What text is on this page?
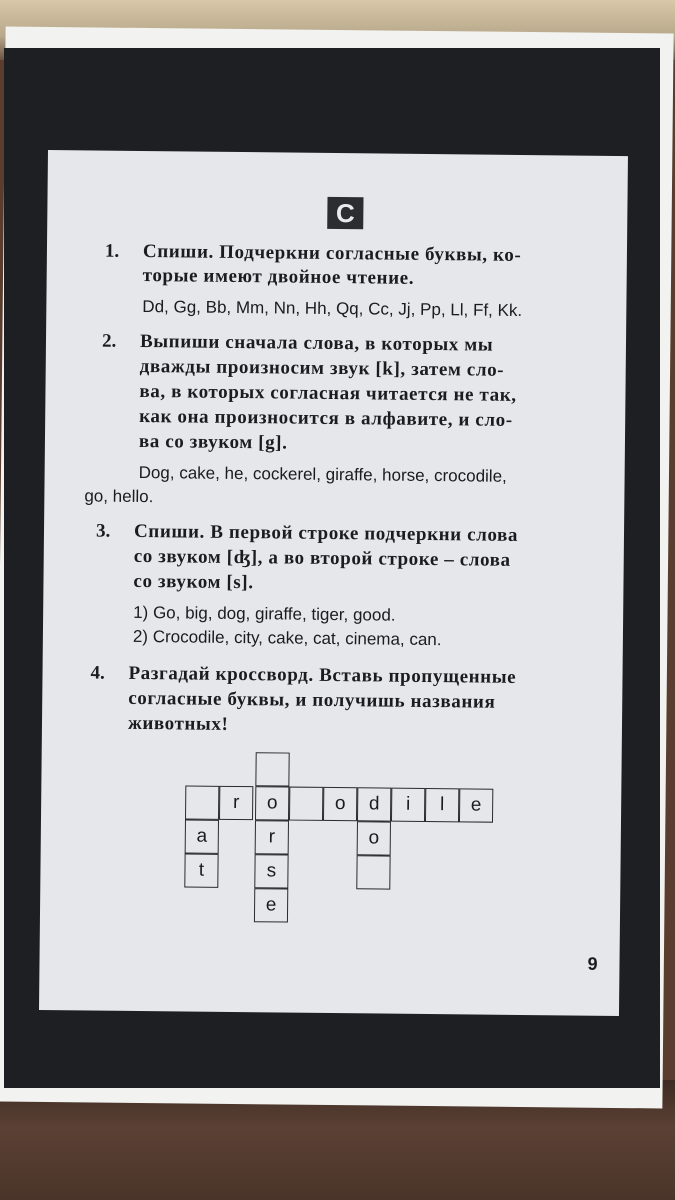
C
1. Спиши. Подчеркни согласные буквы, ко-
торые имеют двойное чтение.
Dd, Gg, Bb, Mm, Nn, Hh, Qq, Cc, Jj, Pp, Ll, Ff, Kk.
2. Выпиши сначала слова, в которых мы
дважды произносим звук [k], затем сло-
ва, в которых согласная читается не так,
как она произносится в алфавите, и сло-
ва со звуком [g].
Dog, cake, he, cockerel, giraffe, horse, crocodile,
go, hello.
3. Спиши. В первой строке подчеркни слова
со звуком [ʤ], а во второй строке – слова
со звуком [s].
1) Go, big, dog, giraffe, tiger, good.
2) Crocodile, city, cake, cat, cinema, can.
4. Разгадай кроссворд. Вставь пропущенные
согласные буквы, и получишь названия
животных!
r	o	o	d	i	l	e
a
t
r
s
e
o
9
